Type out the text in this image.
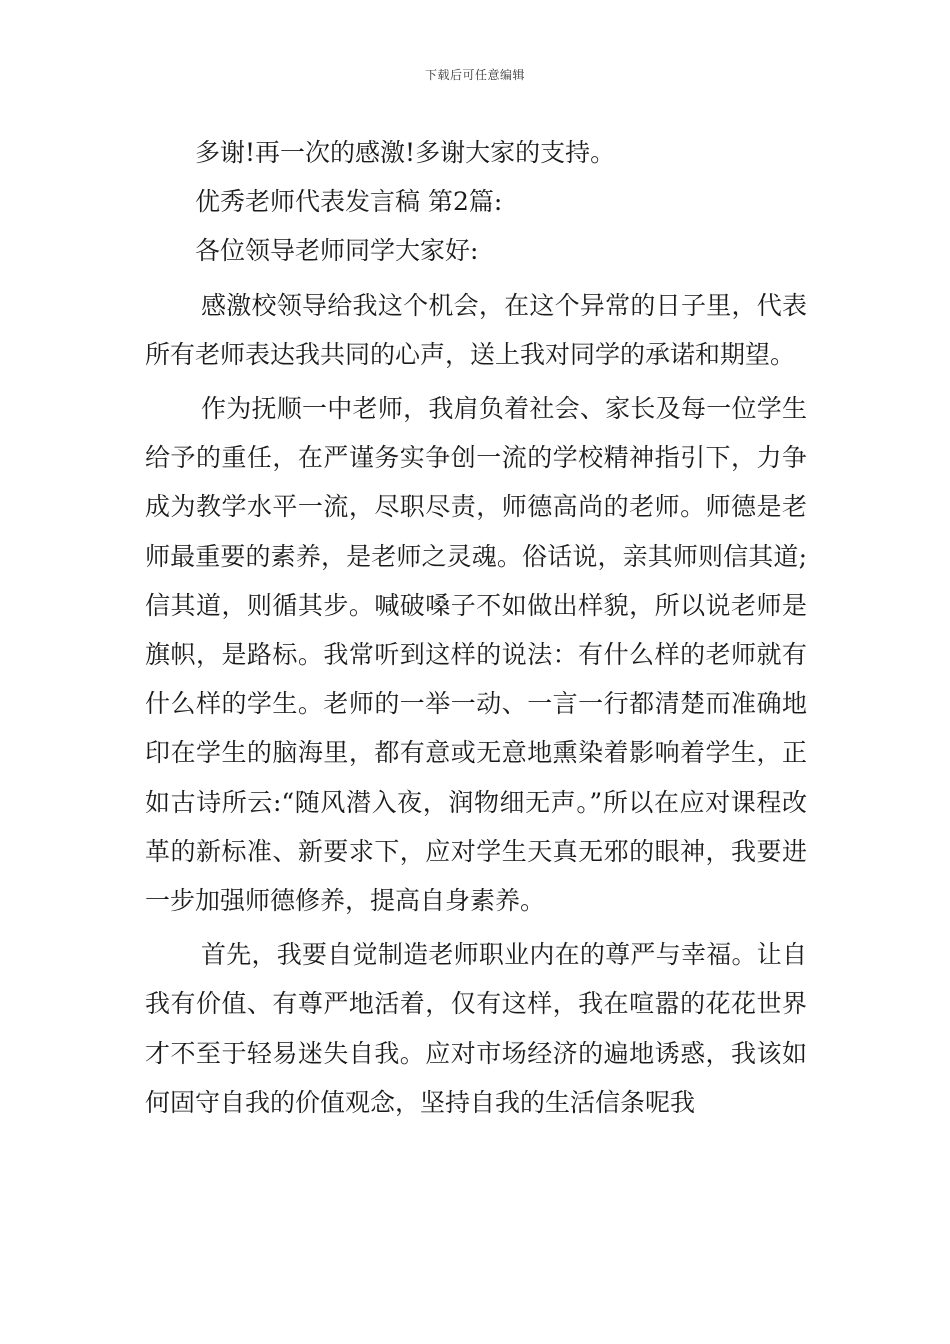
下载后可任意编辑

多谢!再一次的感激!多谢大家的支持。

优秀老师代表发言稿 第2篇:

各位领导老师同学大家好:

感激校领导给我这个机会，在这个异常的日子里，代表所有老师表达我共同的心声，送上我对同学的承诺和期望。

作为抚顺一中老师，我肩负着社会、家长及每一位学生给予的重任，在严谨务实争创一流的学校精神指引下，力争成为教学水平一流，尽职尽责，师德高尚的老师。师德是老师最重要的素养，是老师之灵魂。俗话说，亲其师则信其道;信其道，则循其步。喊破嗓子不如做出样貌，所以说老师是旗帜，是路标。我常听到这样的说法：有什么样的老师就有什么样的学生。老师的一举一动、一言一行都清楚而准确地印在学生的脑海里，都有意或无意地熏染着影响着学生，正如古诗所云:“随风潜入夜，润物细无声。”所以在应对课程改革的新标准、新要求下，应对学生天真无邪的眼神，我要进一步加强师德修养，提高自身素养。

首先，我要自觉制造老师职业内在的尊严与幸福。让自我有价值、有尊严地活着，仅有这样，我在喧嚣的花花世界才不至于轻易迷失自我。应对市场经济的遍地诱惑，我该如何固守自我的价值观念，坚持自我的生活信条呢我
